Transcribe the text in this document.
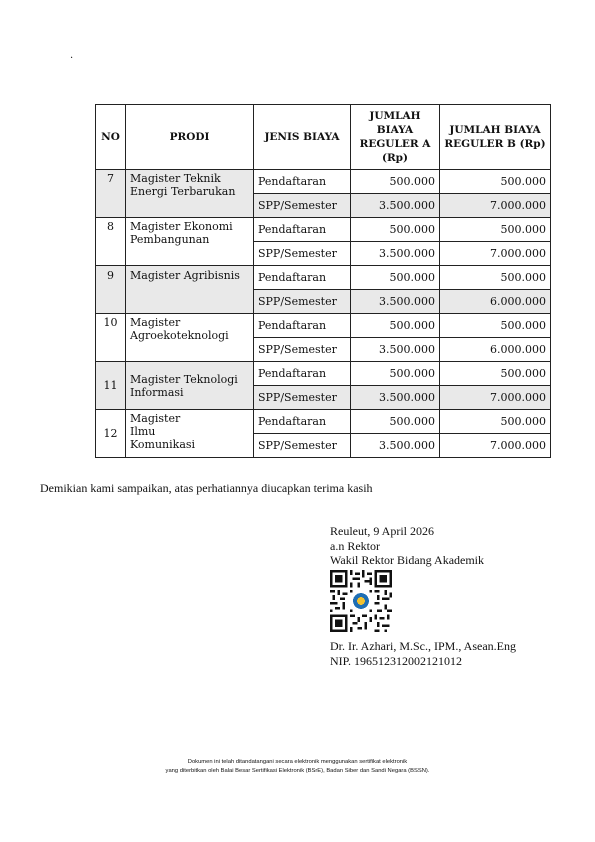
.
NO	PRODI	JENIS BIAYA	JUMLAH BIAYA REGULER A (Rp)	JUMLAH BIAYA REGULER B (Rp)
7	Magister Teknik Energi Terbarukan	Pendaftaran	500.000	500.000
		SPP/Semester	3.500.000	7.000.000
8	Magister Ekonomi Pembangunan	Pendaftaran	500.000	500.000
		SPP/Semester	3.500.000	7.000.000
9	Magister Agribisnis	Pendaftaran	500.000	500.000
		SPP/Semester	3.500.000	6.000.000
10	Magister Agroekoteknologi	Pendaftaran	500.000	500.000
		SPP/Semester	3.500.000	6.000.000
11	Magister Teknologi Informasi	Pendaftaran	500.000	500.000
		SPP/Semester	3.500.000	7.000.000
12	Magister Ilmu Komunikasi	Pendaftaran	500.000	500.000
		SPP/Semester	3.500.000	7.000.000
Demikian kami sampaikan, atas perhatiannya diucapkan terima kasih
Reuleut, 9 April 2026
a.n Rektor
Wakil Rektor Bidang Akademik
Dr. Ir. Azhari, M.Sc., IPM., Asean.Eng
NIP. 196512312002121012
Dokumen ini telah ditandatangani secara elektronik menggunakan sertifikat elektronik
yang diterbitkan oleh Balai Besar Sertifikasi Elektronik (BSrE), Badan Siber dan Sandi Negara (BSSN).
